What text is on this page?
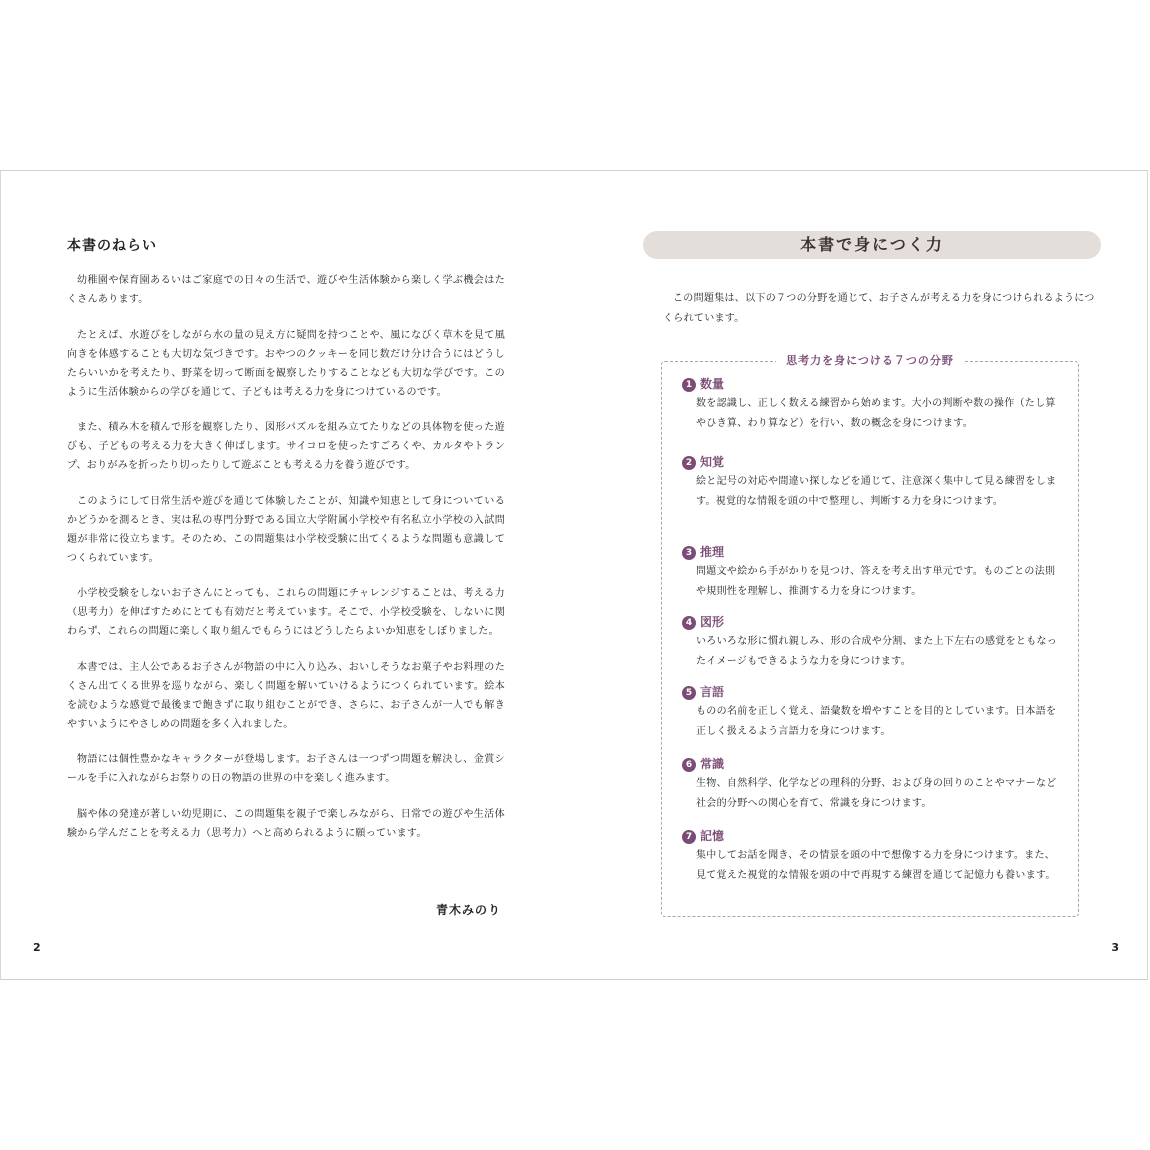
本書のねらい

幼稚園や保育園あるいはご家庭での日々の生活で、遊びや生活体験から楽しく学ぶ機会はたくさんあります。

たとえば、水遊びをしながら水の量の見え方に疑問を持つことや、風になびく草木を見て風向きを体感することも大切な気づきです。おやつのクッキーを同じ数だけ分け合うにはどうしたらいいかを考えたり、野菜を切って断面を観察したりすることなども大切な学びです。このように生活体験からの学びを通じて、子どもは考える力を身につけているのです。

また、積み木を積んで形を観察したり、図形パズルを組み立てたりなどの具体物を使った遊びも、子どもの考える力を大きく伸ばします。サイコロを使ったすごろくや、カルタやトランプ、おりがみを折ったり切ったりして遊ぶことも考える力を養う遊びです。

このようにして日常生活や遊びを通じて体験したことが、知識や知恵として身についているかどうかを測るとき、実は私の専門分野である国立大学附属小学校や有名私立小学校の入試問題が非常に役立ちます。そのため、この問題集は小学校受験に出てくるような問題も意識してつくられています。

小学校受験をしないお子さんにとっても、これらの問題にチャレンジすることは、考える力（思考力）を伸ばすためにとても有効だと考えています。そこで、小学校受験を、しないに関わらず、これらの問題に楽しく取り組んでもらうにはどうしたらよいか知恵をしぼりました。

本書では、主人公であるお子さんが物語の中に入り込み、おいしそうなお菓子やお料理のたくさん出てくる世界を巡りながら、楽しく問題を解いていけるようにつくられています。絵本を読むような感覚で最後まで飽きずに取り組むことができ、さらに、お子さんが一人でも解きやすいようにやさしめの問題を多く入れました。

物語には個性豊かなキャラクターが登場します。お子さんは一つずつ問題を解決し、金賞シールを手に入れながらお祭りの日の物語の世界の中を楽しく進みます。

脳や体の発達が著しい幼児期に、この問題集を親子で楽しみながら、日常での遊びや生活体験から学んだことを考える力（思考力）へと高められるように願っています。

青木みのり
2
本書で身につく力
この問題集は、以下の７つの分野を通じて、お子さんが考える力を身につけられるようにつくられています。
思考力を身につける７つの分野
1 数量
数を認識し、正しく数える練習から始めます。大小の判断や数の操作（たし算やひき算、わり算など）を行い、数の概念を身につけます。
2 知覚
絵と記号の対応や間違い探しなどを通じて、注意深く集中して見る練習をします。視覚的な情報を頭の中で整理し、判断する力を身につけます。
3 推理
問題文や絵から手がかりを見つけ、答えを考え出す単元です。ものごとの法則や規則性を理解し、推測する力を身につけます。
4 図形
いろいろな形に慣れ親しみ、形の合成や分割、また上下左右の感覚をともなったイメージもできるような力を身につけます。
5 言語
ものの名前を正しく覚え、語彙数を増やすことを目的としています。日本語を正しく扱えるよう言語力を身につけます。
6 常識
生物、自然科学、化学などの理科的分野、および身の回りのことやマナーなど社会的分野への関心を育て、常識を身につけます。
7 記憶
集中してお話を聞き、その情景を頭の中で想像する力を身につけます。また、見て覚えた視覚的な情報を頭の中で再現する練習を通じて記憶力も養います。
3
